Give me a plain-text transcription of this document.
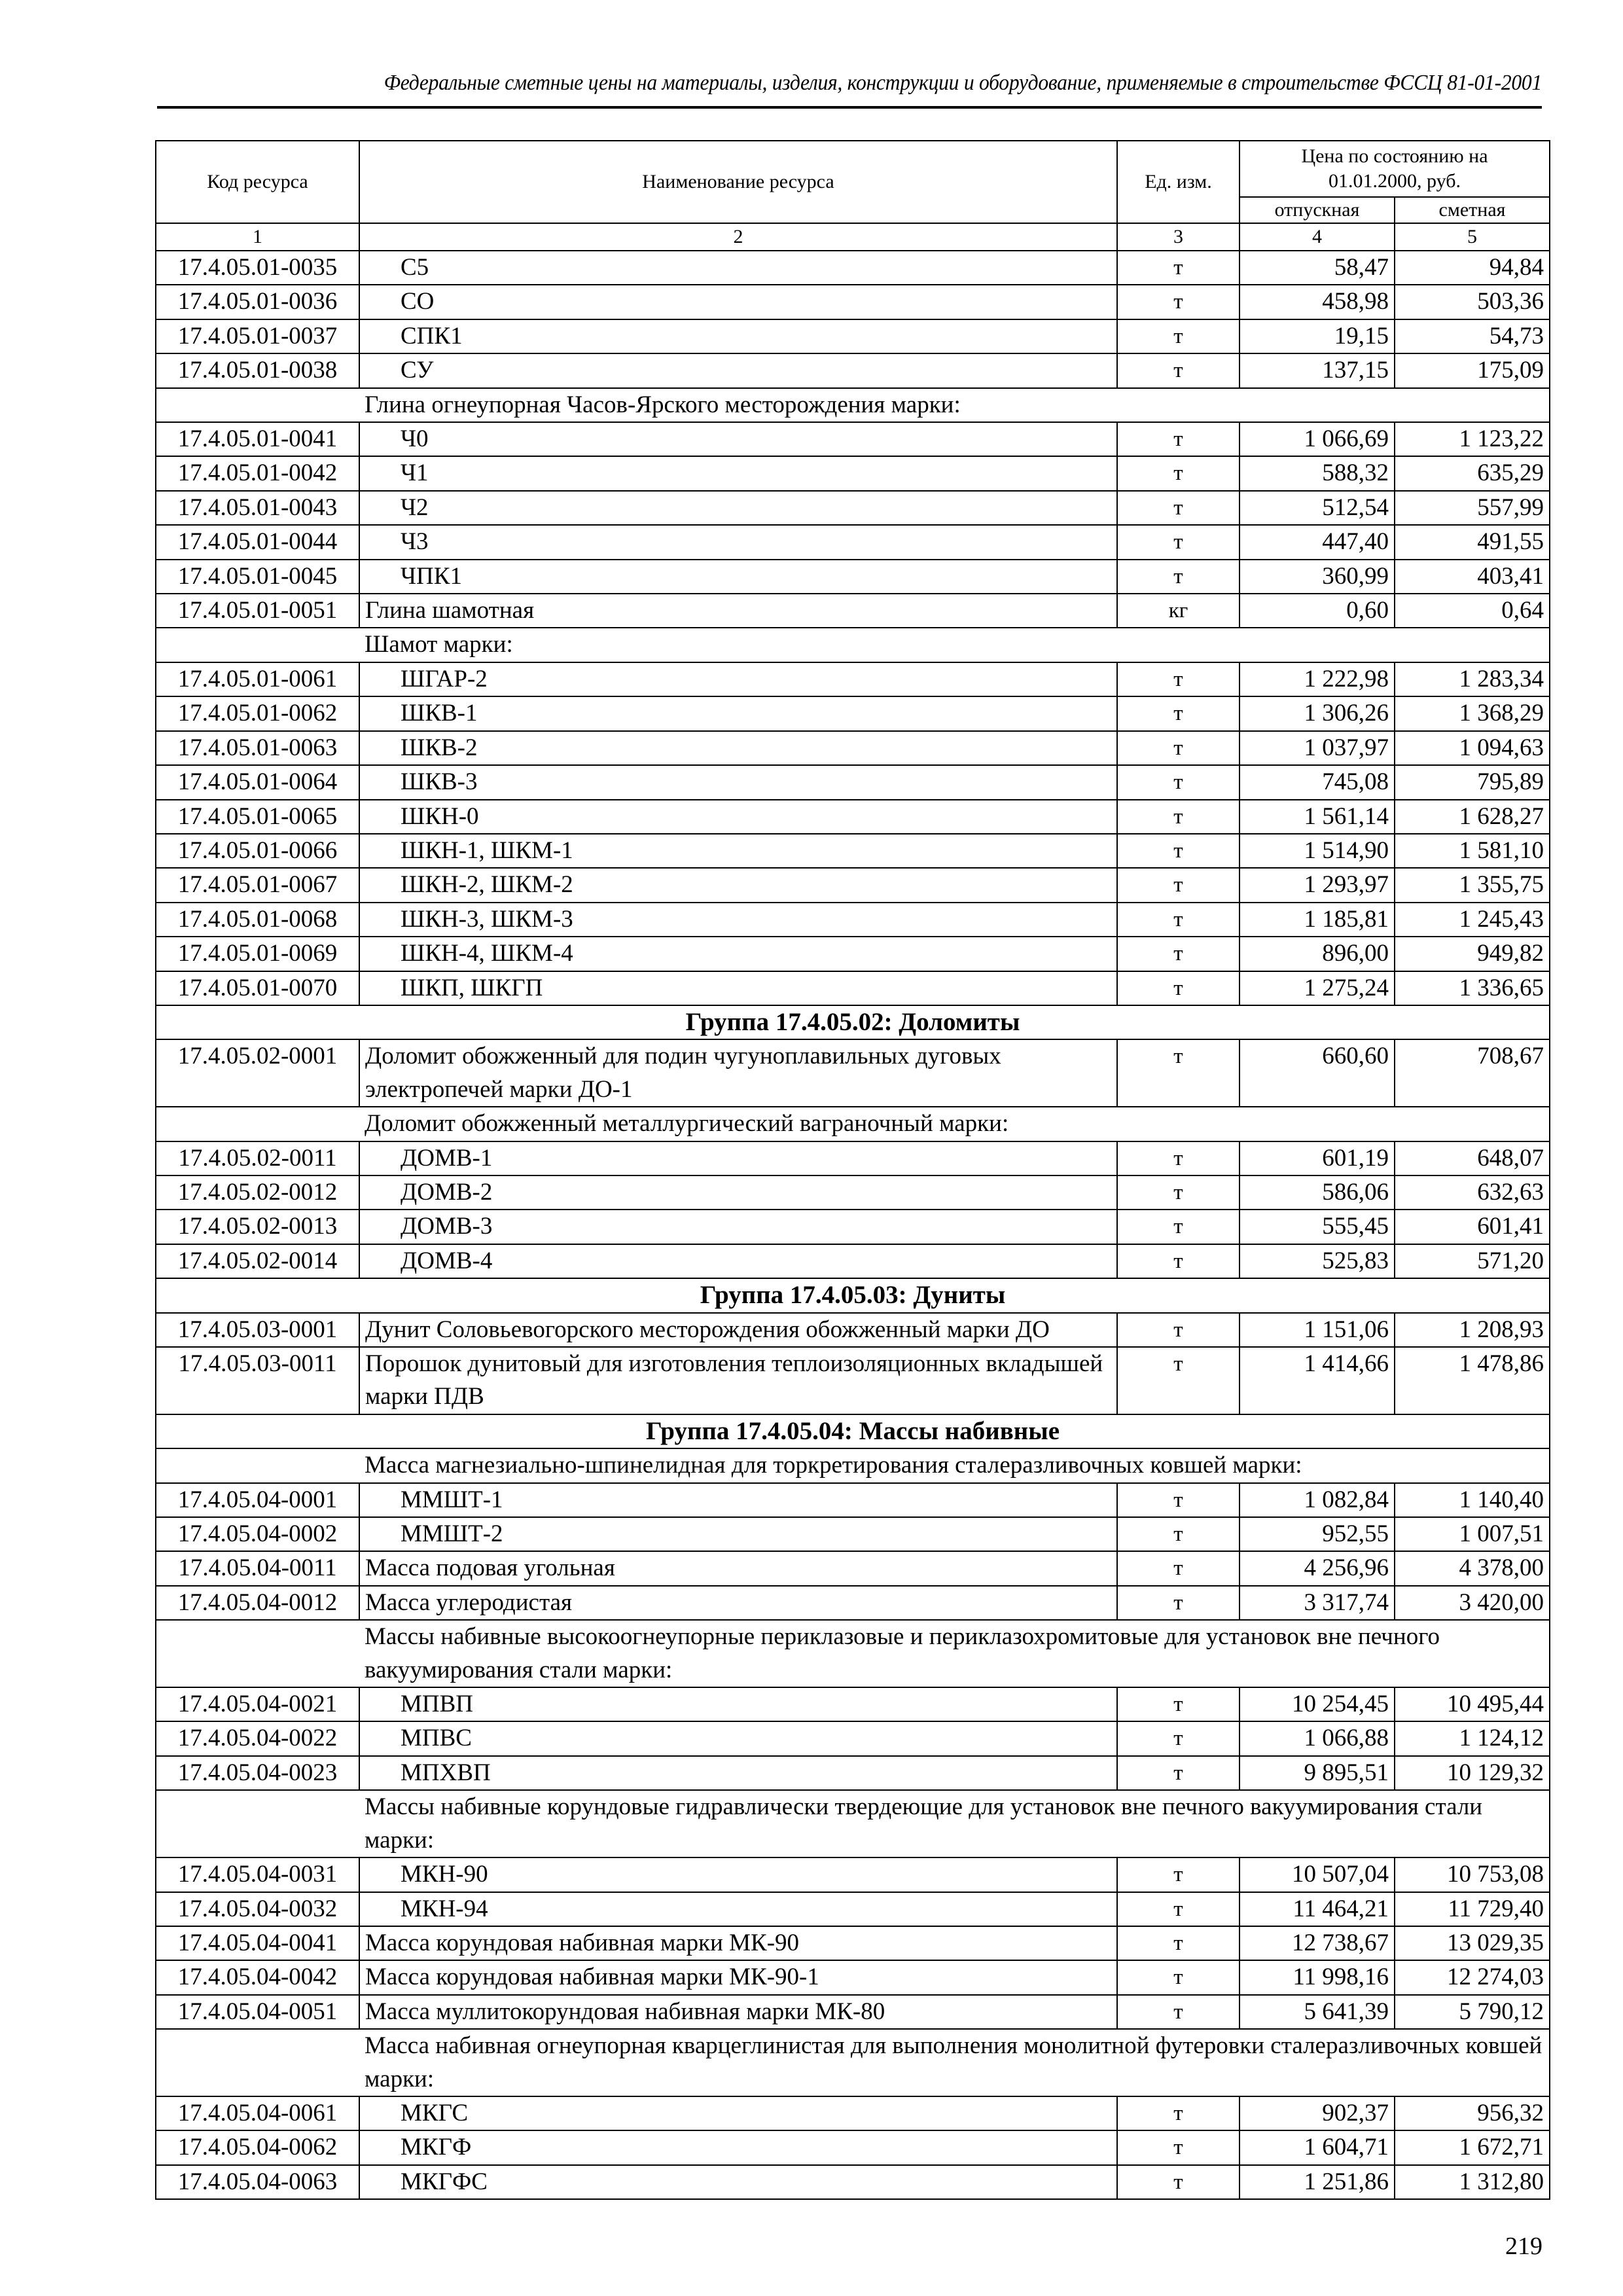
Федеральные сметные цены на материалы, изделия, конструкции и оборудование, применяемые в строительстве ФССЦ 81-01-2001
Код ресурса	Наименование ресурса	Ед. изм.	Цена по состоянию на 01.01.2000, руб.	
			отпускная	сметная
1	2	3	4	5
17.4.05.01-0035	С5	т	58,47	94,84
17.4.05.01-0036	СО	т	458,98	503,36
17.4.05.01-0037	СПК1	т	19,15	54,73
17.4.05.01-0038	СУ	т	137,15	175,09
	Глина огнеупорная Часов-Ярского месторождения марки:			
17.4.05.01-0041	Ч0	т	1 066,69	1 123,22
17.4.05.01-0042	Ч1	т	588,32	635,29
17.4.05.01-0043	Ч2	т	512,54	557,99
17.4.05.01-0044	Ч3	т	447,40	491,55
17.4.05.01-0045	ЧПК1	т	360,99	403,41
17.4.05.01-0051	Глина шамотная	кг	0,60	0,64
	Шамот марки:			
17.4.05.01-0061	ШГАР-2	т	1 222,98	1 283,34
17.4.05.01-0062	ШКВ-1	т	1 306,26	1 368,29
17.4.05.01-0063	ШКВ-2	т	1 037,97	1 094,63
17.4.05.01-0064	ШКВ-3	т	745,08	795,89
17.4.05.01-0065	ШКН-0	т	1 561,14	1 628,27
17.4.05.01-0066	ШКН-1, ШКМ-1	т	1 514,90	1 581,10
17.4.05.01-0067	ШКН-2, ШКМ-2	т	1 293,97	1 355,75
17.4.05.01-0068	ШКН-3, ШКМ-3	т	1 185,81	1 245,43
17.4.05.01-0069	ШКН-4, ШКМ-4	т	896,00	949,82
17.4.05.01-0070	ШКП, ШКГП	т	1 275,24	1 336,65
Группа 17.4.05.02: Доломиты				
17.4.05.02-0001	Доломит обожженный для подин чугуноплавильных дуговых электропечей марки ДО-1	т	660,60	708,67
	Доломит обожженный металлургический ваграночный марки:			
17.4.05.02-0011	ДОМВ-1	т	601,19	648,07
17.4.05.02-0012	ДОМВ-2	т	586,06	632,63
17.4.05.02-0013	ДОМВ-3	т	555,45	601,41
17.4.05.02-0014	ДОМВ-4	т	525,83	571,20
Группа 17.4.05.03: Дуниты				
17.4.05.03-0001	Дунит Соловьевогорского месторождения обожженный марки ДО	т	1 151,06	1 208,93
17.4.05.03-0011	Порошок дунитовый для изготовления теплоизоляционных вкладышей марки ПДВ	т	1 414,66	1 478,86
Группа 17.4.05.04: Массы набивные				
	Масса магнезиально-шпинелидная для торкретирования сталеразливочных ковшей марки:			
17.4.05.04-0001	ММШТ-1	т	1 082,84	1 140,40
17.4.05.04-0002	ММШТ-2	т	952,55	1 007,51
17.4.05.04-0011	Масса подовая угольная	т	4 256,96	4 378,00
17.4.05.04-0012	Масса углеродистая	т	3 317,74	3 420,00
	Массы набивные высокоогнеупорные периклазовые и периклазохромитовые для установок вне печного вакуумирования стали марки:			
17.4.05.04-0021	МПВП	т	10 254,45	10 495,44
17.4.05.04-0022	МПВС	т	1 066,88	1 124,12
17.4.05.04-0023	МПХВП	т	9 895,51	10 129,32
	Массы набивные корундовые гидравлически твердеющие для установок вне печного вакуумирования стали марки:			
17.4.05.04-0031	МКН-90	т	10 507,04	10 753,08
17.4.05.04-0032	МКН-94	т	11 464,21	11 729,40
17.4.05.04-0041	Масса корундовая набивная марки МК-90	т	12 738,67	13 029,35
17.4.05.04-0042	Масса корундовая набивная марки МК-90-1	т	11 998,16	12 274,03
17.4.05.04-0051	Масса муллитокорундовая набивная марки МК-80	т	5 641,39	5 790,12
	Масса набивная огнеупорная кварцеглинистая для выполнения монолитной футеровки сталеразливочных ковшей марки:			
17.4.05.04-0061	МКГС	т	902,37	956,32
17.4.05.04-0062	МКГФ	т	1 604,71	1 672,71
17.4.05.04-0063	МКГФС	т	1 251,86	1 312,80
219
